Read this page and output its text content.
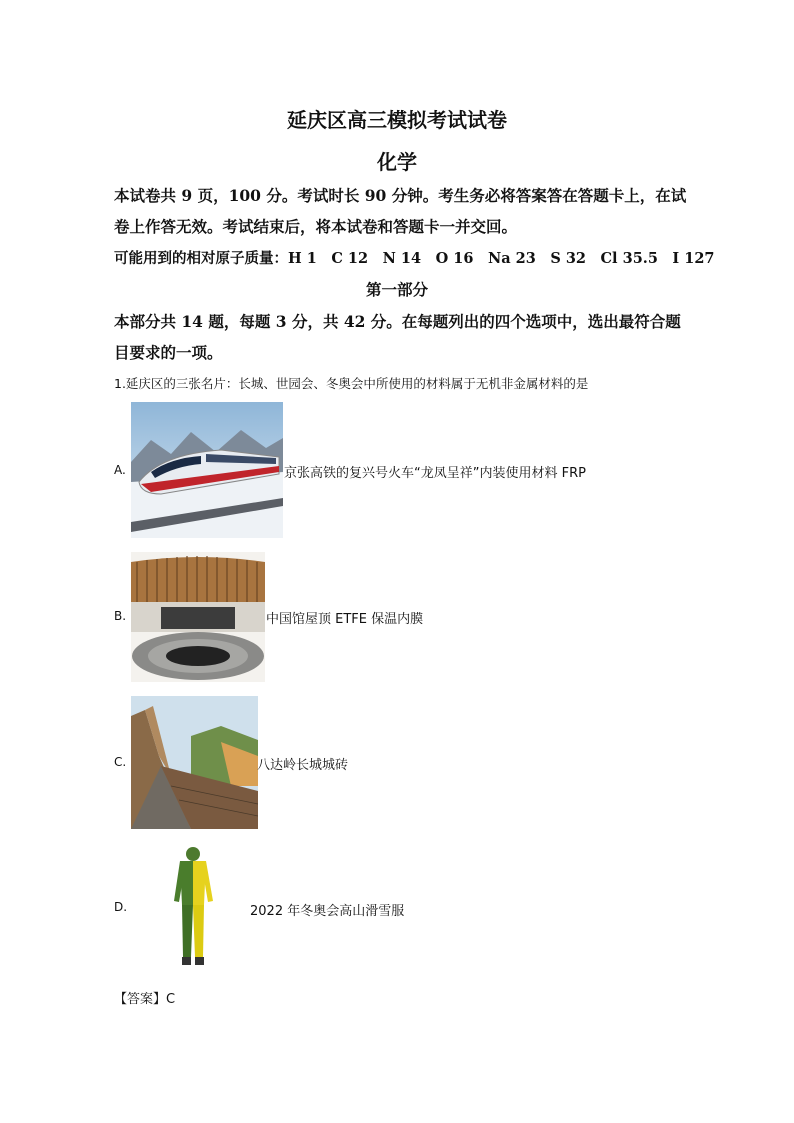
延庆区高三模拟考试试卷
化学
本试卷共 9 页，100 分。考试时长 90 分钟。考生务必将答案答在答题卡上，在试
卷上作答无效。考试结束后，将本试卷和答题卡一并交回。
可能用到的相对原子质量：H 1　C 12　N 14　O 16　Na 23　S 32　Cl 35.5　I 127
第一部分
本部分共 14 题，每题 3 分，共 42 分。在每题列出的四个选项中，选出最符合题
目要求的一项。
1.延庆区的三张名片：长城、世园会、冬奥会中所使用的材料属于无机非金属材料的是
A.	京张高铁的复兴号火车“龙凤呈祥”内装使用材料 FRP
B.	中国馆屋顶 ETFE 保温内膜
C.	八达岭长城城砖
D.	2022 年冬奥会高山滑雪服
【答案】C
